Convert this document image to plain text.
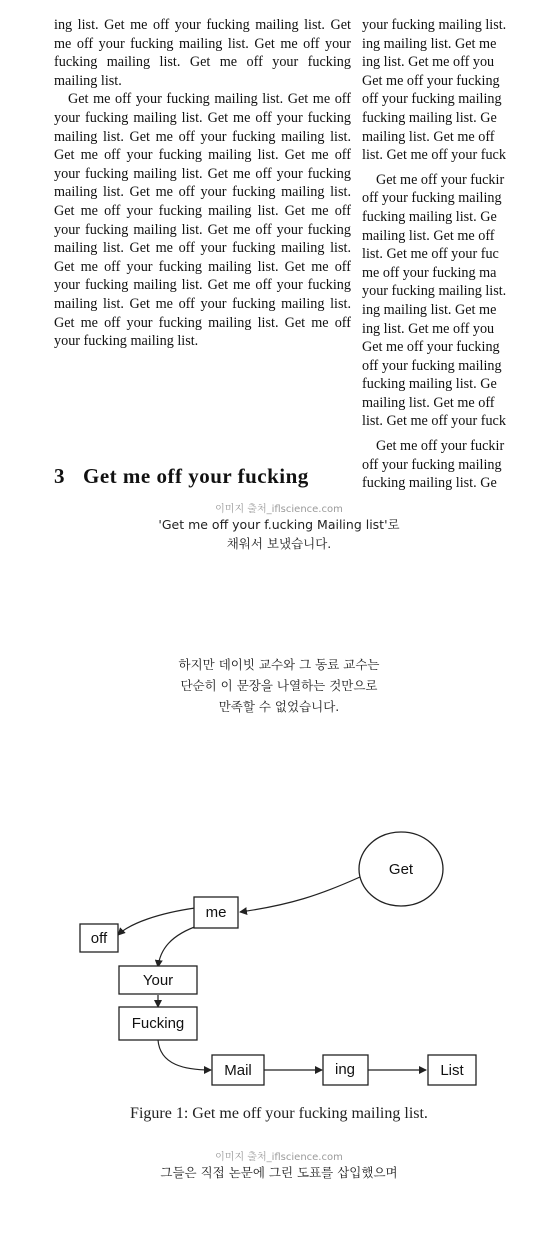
ing list. Get me off your fucking mailing list. Get me off your fucking mailing list. Get me off your fucking mailing list. Get me off your fucking mailing list.

Get me off your fucking mailing list. Get me off your fucking mailing list. Get me off your fucking mailing list. Get me off your fucking mailing list. Get me off your fucking mailing list. Get me off your fucking mailing list. Get me off your fucking mailing list. Get me off your fucking mailing list. Get me off your fucking mailing list. Get me off your fucking mailing list. Get me off your fucking mailing list. Get me off your fucking mailing list. Get me off your fucking mailing list. Get me off your fucking mailing list. Get me off your fucking mailing list. Get me off your fucking mailing list. Get me off your fucking mailing list. Get me off your fucking mailing list.

your fucking mailing list.
ing mailing list. Get me
ing list. Get me off you
Get me off your fucking
off your fucking mailing
fucking mailing list. Ge
mailing list. Get me off
list. Get me off your fuck

Get me off your fuckir
off your fucking mailing
fucking mailing list. Ge
mailing list. Get me off
list. Get me off your fuc
me off your fucking ma
your fucking mailing list.
ing mailing list. Get me
ing list. Get me off you
Get me off your fucking
off your fucking mailing
fucking mailing list. Ge
mailing list. Get me off
list. Get me off your fuck

Get me off your fuckir
off your fucking mailing
fucking mailing list. Ge

3 Get me off your fucking
이미지 출처_iflscience.com
'Get me off your f.ucking Mailing list'로
채워서 보냈습니다.
하지만 데이빗 교수와 그 동료 교수는
단순히 이 문장을 나열하는 것만으로
만족할 수 없었습니다.
Get
me
off
Your
Fucking
Mail	ing	List
Figure 1: Get me off your fucking mailing list.
이미지 출처_iflscience.com
그들은 직접 논문에 그린 도표를 삽입했으며
